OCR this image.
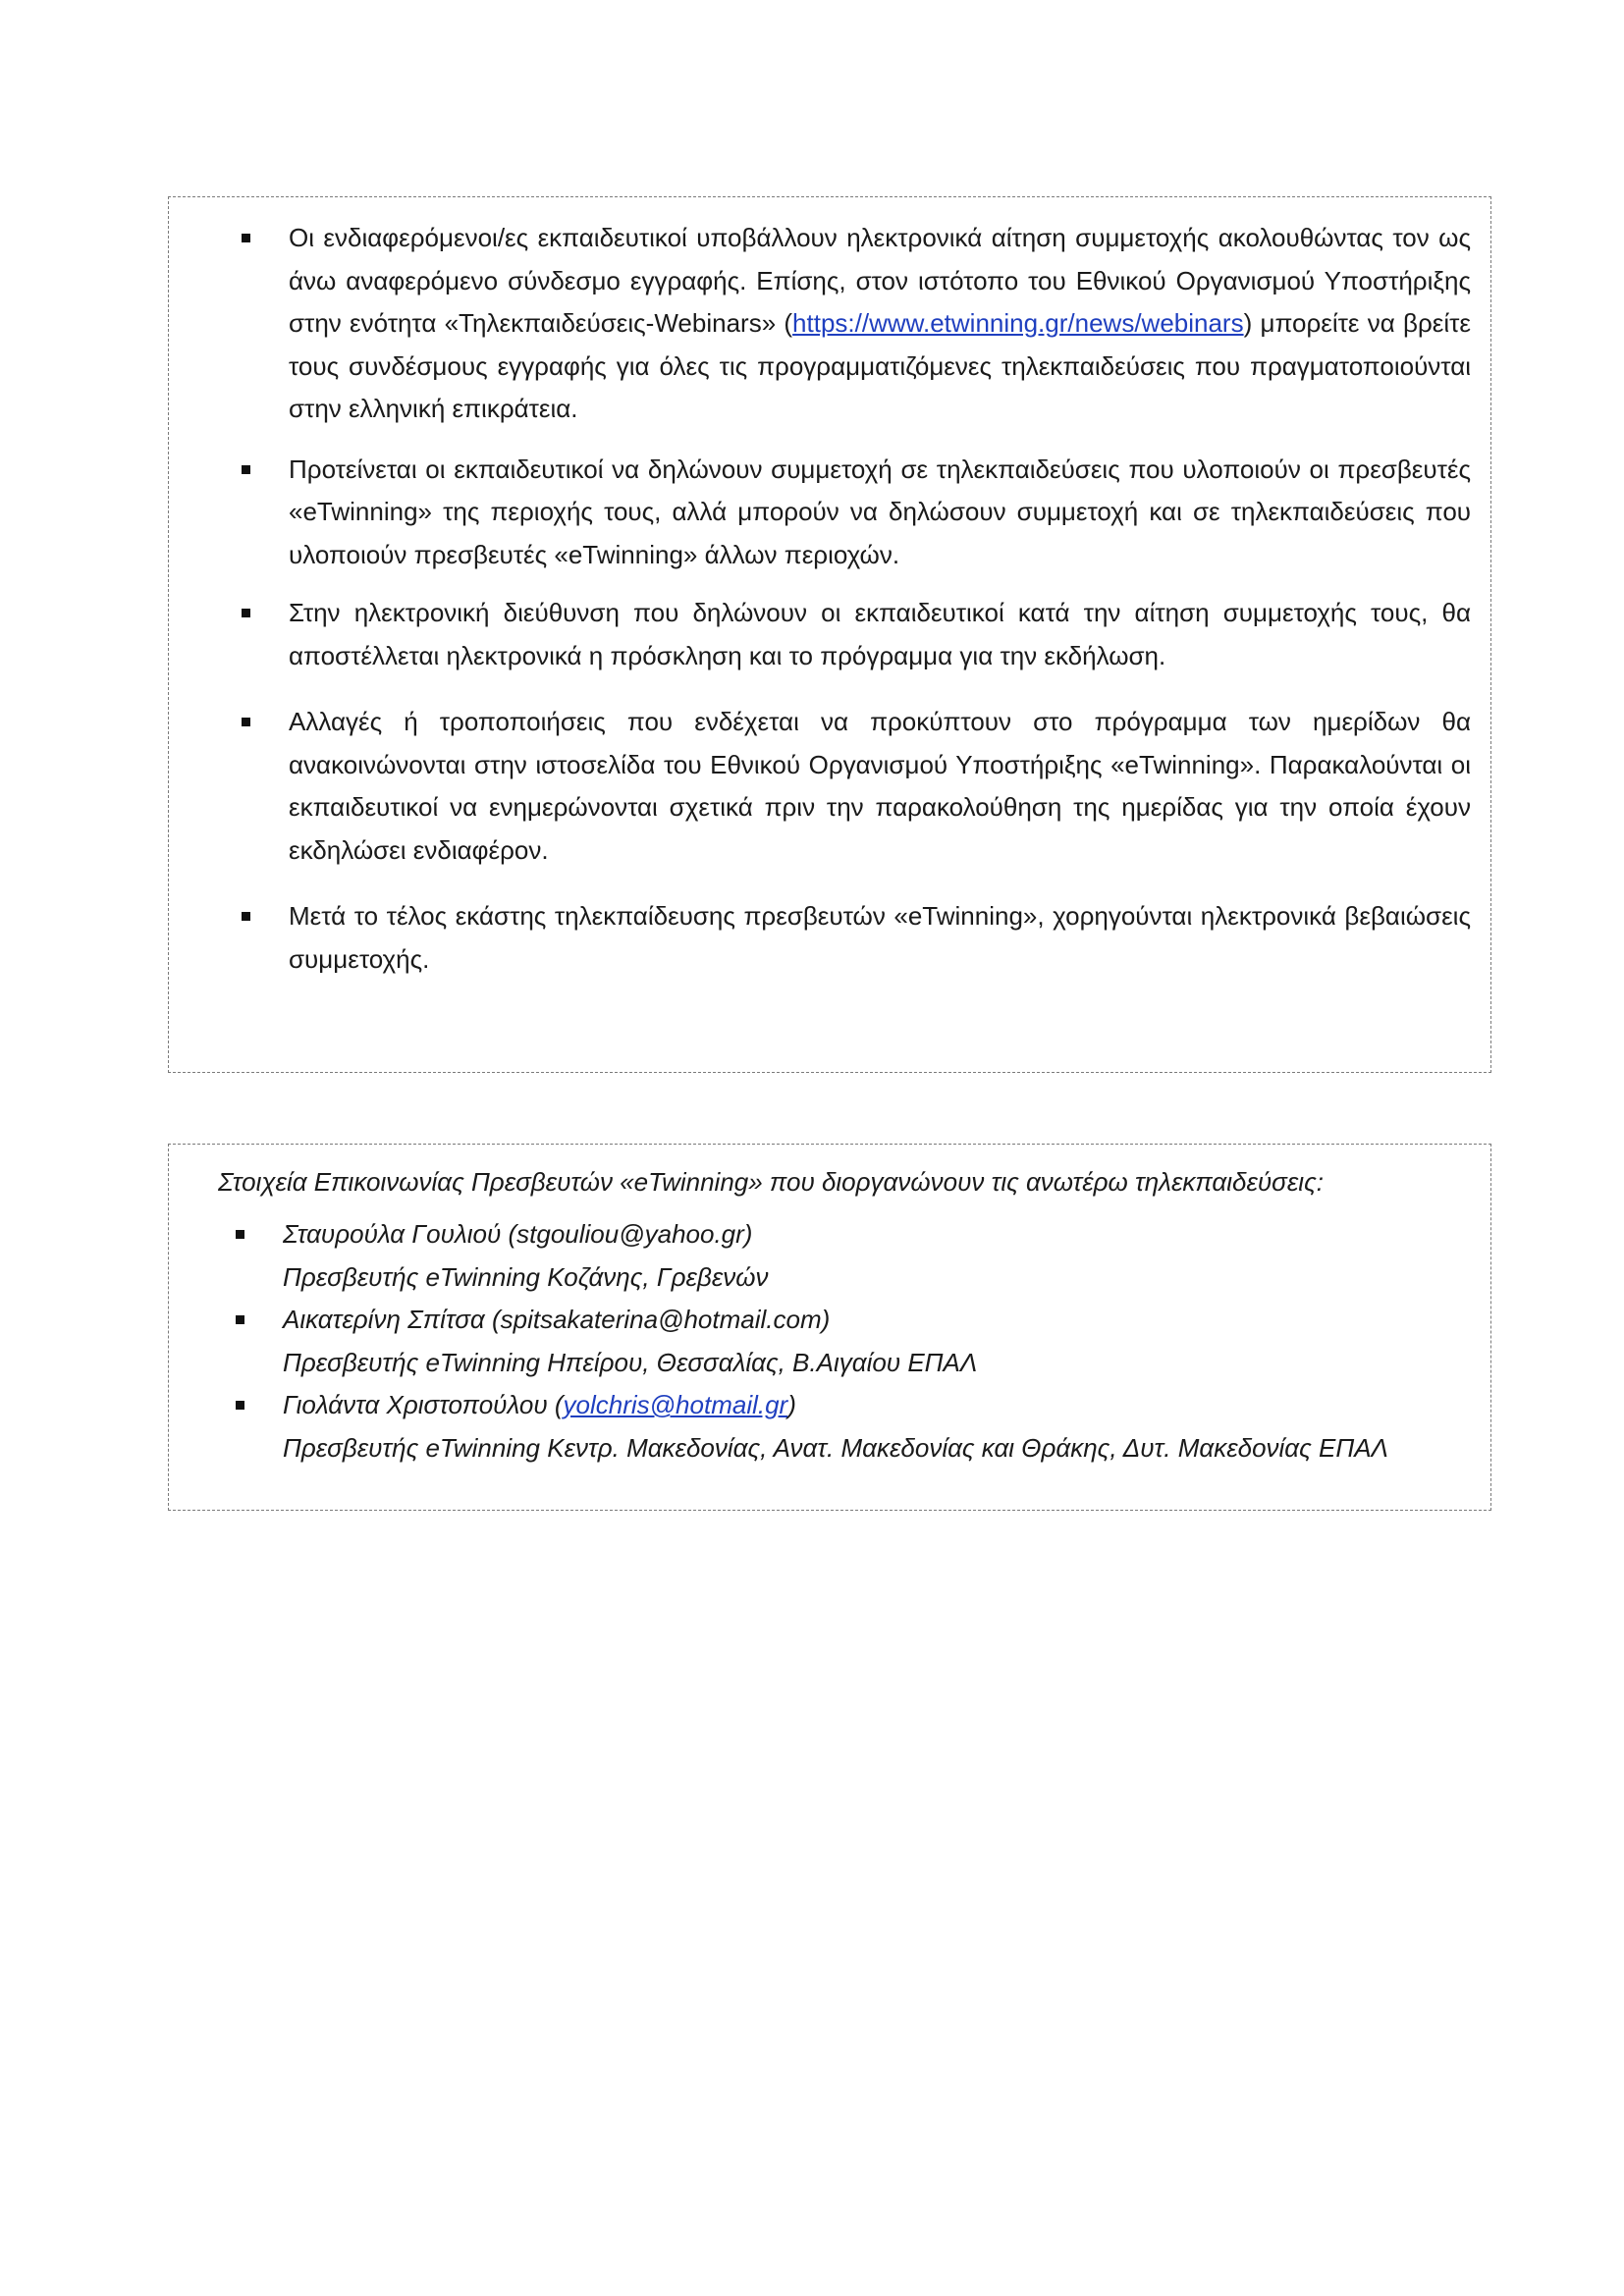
Οι ενδιαφερόμενοι/ες εκπαιδευτικοί υποβάλλουν ηλεκτρονικά αίτηση συμμετοχής ακολουθώντας τον ως άνω αναφερόμενο σύνδεσμο εγγραφής. Επίσης, στον ιστότοπο του Εθνικού Οργανισμού Υποστήριξης στην ενότητα «Τηλεκπαιδεύσεις-Webinars» (https://www.etwinning.gr/news/webinars) μπορείτε να βρείτε τους συνδέσμους εγγραφής για όλες τις προγραμματιζόμενες τηλεκπαιδεύσεις που πραγματοποιούνται στην ελληνική επικράτεια.
Προτείνεται οι εκπαιδευτικοί να δηλώνουν συμμετοχή σε τηλεκπαιδεύσεις που υλοποιούν οι πρεσβευτές «eTwinning» της περιοχής τους, αλλά μπορούν να δηλώσουν συμμετοχή και σε τηλεκπαιδεύσεις που υλοποιούν πρεσβευτές «eTwinning» άλλων περιοχών.
Στην ηλεκτρονική διεύθυνση που δηλώνουν οι εκπαιδευτικοί κατά την αίτηση συμμετοχής τους, θα αποστέλλεται ηλεκτρονικά η πρόσκληση και το πρόγραμμα για την εκδήλωση.
Αλλαγές ή τροποποιήσεις που ενδέχεται να προκύπτουν στο πρόγραμμα των ημερίδων θα ανακοινώνονται στην ιστοσελίδα του Εθνικού Οργανισμού Υποστήριξης «eTwinning». Παρακαλούνται οι εκπαιδευτικοί να ενημερώνονται σχετικά πριν την παρακολούθηση της ημερίδας για την οποία έχουν εκδηλώσει ενδιαφέρον.
Μετά το τέλος εκάστης τηλεκπαίδευσης πρεσβευτών «eTwinning», χορηγούνται ηλεκτρονικά βεβαιώσεις συμμετοχής.
Στοιχεία Επικοινωνίας Πρεσβευτών «eTwinning» που διοργανώνουν τις ανωτέρω τηλεκπαιδεύσεις:
Σταυρούλα Γουλιού (stgouliou@yahoo.gr)
Πρεσβευτής eTwinning Κοζάνης, Γρεβενών
Αικατερίνη Σπίτσα (spitsakaterina@hotmail.com)
Πρεσβευτής eTwinning Ηπείρου, Θεσσαλίας, Β.Αιγαίου ΕΠΑΛ
Γιολάντα Χριστοπούλου (yolchris@hotmail.gr)
Πρεσβευτής eTwinning Κεντρ. Μακεδονίας, Ανατ. Μακεδονίας και Θράκης, Δυτ. Μακεδονίας ΕΠΑΛ
